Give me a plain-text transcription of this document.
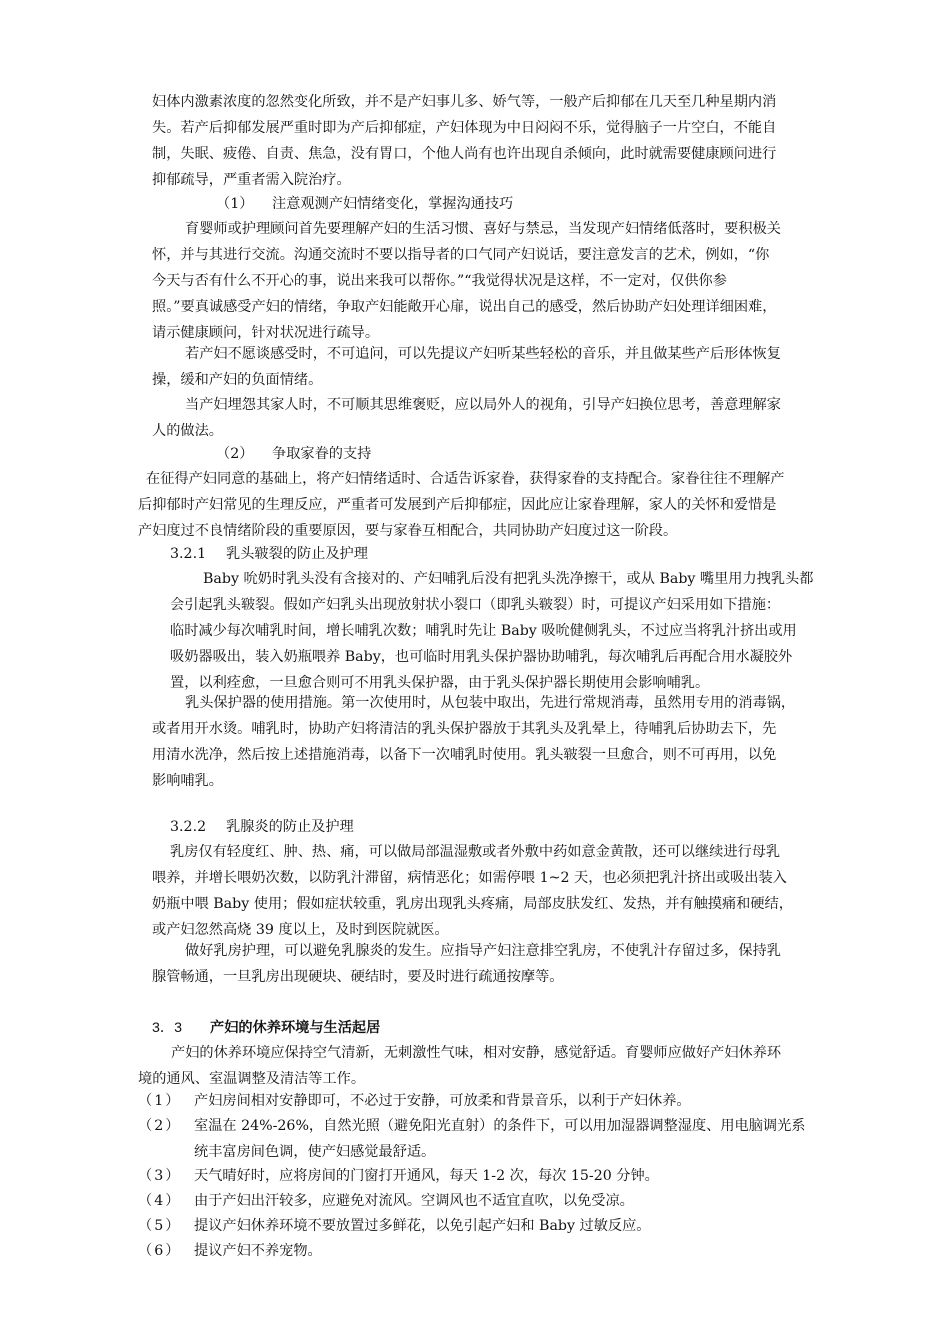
妇体内激素浓度的忽然变化所致，并不是产妇事儿多、娇气等，一般产后抑郁在几天至几种星期内消

失。若产后抑郁发展严重时即为产后抑郁症，产妇体现为中日闷闷不乐，觉得脑子一片空白，不能自

制，失眠、疲倦、自责、焦急，没有胃口，个他人尚有也许出现自杀倾向，此时就需要健康顾问进行

抑郁疏导，严重者需入院治疗。

（1） 注意观测产妇情绪变化，掌握沟通技巧

育婴师或护理顾问首先要理解产妇的生活习惯、喜好与禁忌，当发现产妇情绪低落时，要积极关

怀，并与其进行交流。沟通交流时不要以指导者的口气同产妇说话，要注意发言的艺术，例如，“你

今天与否有什么不开心的事，说出来我可以帮你。”“我觉得状况是这样，不一定对，仅供你参

照。”要真诚感受产妇的情绪，争取产妇能敞开心扉，说出自己的感受，然后协助产妇处理详细困难，

请示健康顾问，针对状况进行疏导。

若产妇不愿谈感受时，不可追问，可以先提议产妇听某些轻松的音乐，并且做某些产后形体恢复

操，缓和产妇的负面情绪。

当产妇埋怨其家人时，不可顺其思维褒贬，应以局外人的视角，引导产妇换位思考，善意理解家

人的做法。

（2） 争取家眷的支持

在征得产妇同意的基础上，将产妇情绪适时、合适告诉家眷，获得家眷的支持配合。家眷往往不理解产

后抑郁时产妇常见的生理反应，严重者可发展到产后抑郁症，因此应让家眷理解，家人的关怀和爱惜是

产妇度过不良情绪阶段的重要原因，要与家眷互相配合，共同协助产妇度过这一阶段。

3.2.1 乳头皲裂的防止及护理

Baby 吮奶时乳头没有含接对的、产妇哺乳后没有把乳头洗净擦干，或从 Baby 嘴里用力拽乳头都

会引起乳头皲裂。假如产妇乳头出现放射状小裂口（即乳头皲裂）时，可提议产妇采用如下措施：

临时减少每次哺乳时间，增长哺乳次数；哺乳时先让 Baby 吸吮健侧乳头，不过应当将乳汁挤出或用

吸奶器吸出，装入奶瓶喂养 Baby，也可临时用乳头保护器协助哺乳，每次哺乳后再配合用水凝胶外

置，以利痊愈，一旦愈合则可不用乳头保护器，由于乳头保护器长期使用会影响哺乳。

乳头保护器的使用措施。第一次使用时，从包装中取出，先进行常规消毒，虽然用专用的消毒锅，

或者用开水烫。哺乳时，协助产妇将清洁的乳头保护器放于其乳头及乳晕上，待哺乳后协助去下，先

用清水洗净，然后按上述措施消毒，以备下一次哺乳时使用。乳头皲裂一旦愈合，则不可再用，以免

影响哺乳。

3.2.2 乳腺炎的防止及护理

乳房仅有轻度红、肿、热、痛，可以做局部温湿敷或者外敷中药如意金黄散，还可以继续进行母乳

喂养，并增长喂奶次数，以防乳汁滞留，病情恶化；如需停喂 1~2 天，也必须把乳汁挤出或吸出装入

奶瓶中喂 Baby 使用；假如症状较重，乳房出现乳头疼痛，局部皮肤发红、发热，并有触摸痛和硬结，

或产妇忽然高烧 39 度以上，及时到医院就医。

做好乳房护理，可以避免乳腺炎的发生。应指导产妇注意排空乳房，不使乳汁存留过多，保持乳

腺管畅通，一旦乳房出现硬块、硬结时，要及时进行疏通按摩等。

3．3 产妇的休养环境与生活起居

产妇的休养环境应保持空气清新，无刺激性气味，相对安静，感觉舒适。育婴师应做好产妇休养环

境的通风、室温调整及清洁等工作。

（1） 产妇房间相对安静即可，不必过于安静，可放柔和背景音乐，以利于产妇休养。
（2） 室温在 24%-26%，自然光照（避免阳光直射）的条件下，可以用加湿器调整湿度、用电脑调光系
统丰富房间色调，使产妇感觉最舒适。
（3） 天气晴好时，应将房间的门窗打开通风，每天 1-2 次，每次 15-20 分钟。
（4） 由于产妇出汗较多，应避免对流风。空调风也不适宜直吹，以免受凉。
（5） 提议产妇休养环境不要放置过多鲜花，以免引起产妇和 Baby 过敏反应。
（6） 提议产妇不养宠物。
